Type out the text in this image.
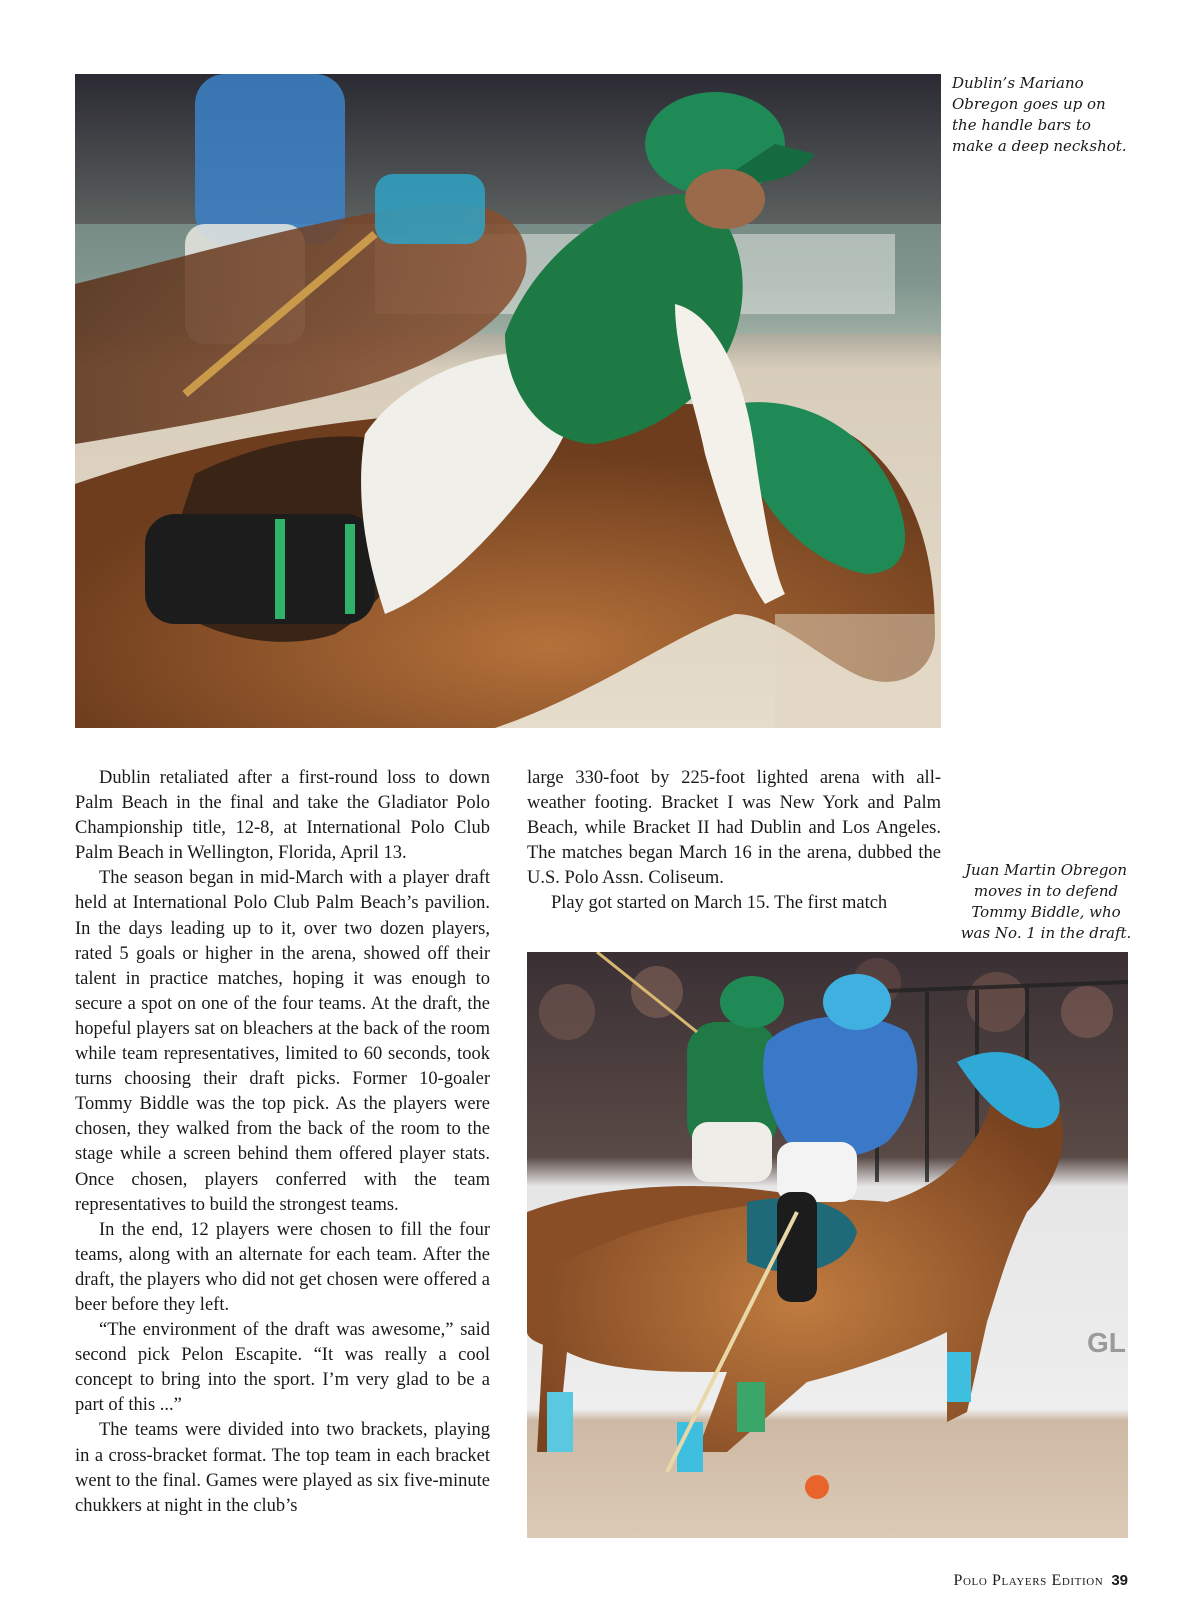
Dublin’s Mariano Obregon goes up on the handle bars to make a deep neckshot.

Dublin retaliated after a first-round loss to down Palm Beach in the final and take the Gladiator Polo Championship title, 12-8, at International Polo Club Palm Beach in Wellington, Florida, April 13.

The season began in mid-March with a player draft held at International Polo Club Palm Beach’s pavilion. In the days leading up to it, over two dozen players, rated 5 goals or higher in the arena, showed off their talent in practice matches, hoping it was enough to secure a spot on one of the four teams. At the draft, the hopeful players sat on bleachers at the back of the room while team representatives, limited to 60 seconds, took turns choosing their draft picks. Former 10-goaler Tommy Biddle was the top pick. As the players were chosen, they walked from the back of the room to the stage while a screen behind them offered player stats. Once chosen, players conferred with the team representatives to build the strongest teams.

In the end, 12 players were chosen to fill the four teams, along with an alternate for each team. After the draft, the players who did not get chosen were offered a beer before they left.

“The environment of the draft was awesome,” said second pick Pelon Escapite. “It was really a cool concept to bring into the sport. I’m very glad to be a part of this ...”

The teams were divided into two brackets, playing in a cross-bracket format. The top team in each bracket went to the final. Games were played as six five-minute chukkers at night in the club’s

large 330-foot by 225-foot lighted arena with all-weather footing. Bracket I was New York and Palm Beach, while Bracket II had Dublin and Los Angeles. The matches began March 16 in the arena, dubbed the U.S. Polo Assn. Coliseum.

Play got started on March 15. The first match

Juan Martin Obregon moves in to defend Tommy Biddle, who was No. 1 in the draft.

GL
Polo Players Edition 39
